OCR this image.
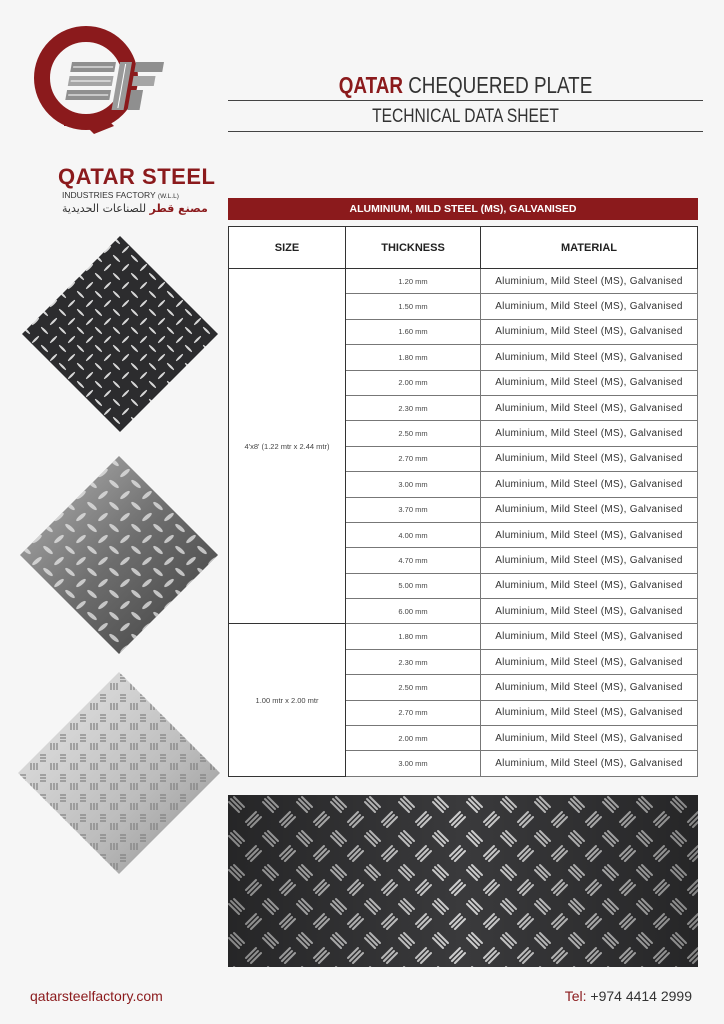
QATAR STEEL
INDUSTRIES FACTORY (W.L.L)
مصنع قطر للصناعات الحديدية
QATAR CHEQUERED PLATE
TECHNICAL DATA SHEET
ALUMINIUM, MILD STEEL (MS), GALVANISED
SIZE	THICKNESS	MATERIAL
4'x8' (1.22 mtr x 2.44 mtr)	1.20 mm	Aluminium, Mild Steel (MS), Galvanised
	1.50 mm	Aluminium, Mild Steel (MS), Galvanised
	1.60 mm	Aluminium, Mild Steel (MS), Galvanised
	1.80 mm	Aluminium, Mild Steel (MS), Galvanised
	2.00 mm	Aluminium, Mild Steel (MS), Galvanised
	2.30 mm	Aluminium, Mild Steel (MS), Galvanised
	2.50 mm	Aluminium, Mild Steel (MS), Galvanised
	2.70 mm	Aluminium, Mild Steel (MS), Galvanised
	3.00 mm	Aluminium, Mild Steel (MS), Galvanised
	3.70 mm	Aluminium, Mild Steel (MS), Galvanised
	4.00 mm	Aluminium, Mild Steel (MS), Galvanised
	4.70 mm	Aluminium, Mild Steel (MS), Galvanised
	5.00 mm	Aluminium, Mild Steel (MS), Galvanised
	6.00 mm	Aluminium, Mild Steel (MS), Galvanised
1.00 mtr x 2.00 mtr	1.80 mm	Aluminium, Mild Steel (MS), Galvanised
	2.30 mm	Aluminium, Mild Steel (MS), Galvanised
	2.50 mm	Aluminium, Mild Steel (MS), Galvanised
	2.70 mm	Aluminium, Mild Steel (MS), Galvanised
	2.00 mm	Aluminium, Mild Steel (MS), Galvanised
	3.00 mm	Aluminium, Mild Steel (MS), Galvanised
qatarsteelfactory.com	Tel: +974 4414 2999
